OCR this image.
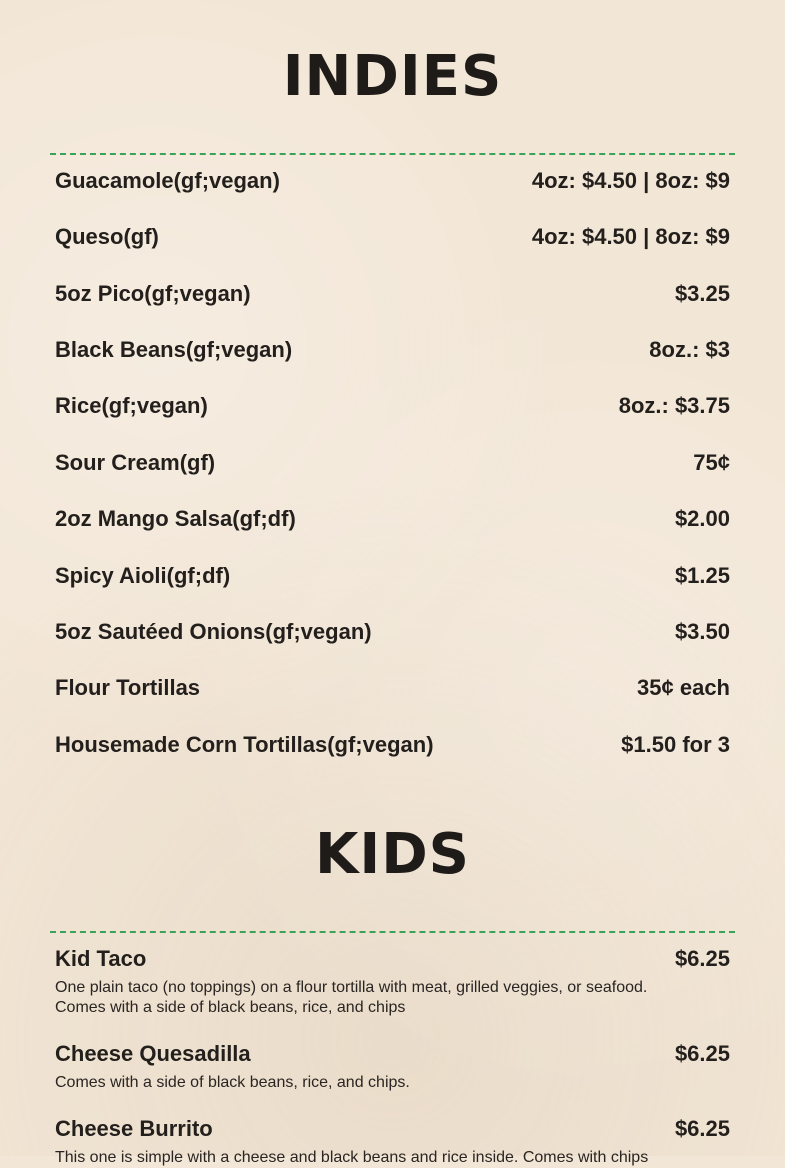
INDIES
Guacamole(gf;vegan)	4oz: $4.50 | 8oz: $9
Queso(gf)	4oz: $4.50 | 8oz: $9
5oz Pico(gf;vegan)	$3.25
Black Beans(gf;vegan)	8oz.: $3
Rice(gf;vegan)	8oz.: $3.75
Sour Cream(gf)	75¢
2oz Mango Salsa(gf;df)	$2.00
Spicy Aioli(gf;df)	$1.25
5oz Sautéed Onions(gf;vegan)	$3.50
Flour Tortillas	35¢ each
Housemade Corn Tortillas(gf;vegan)	$1.50 for 3
KIDS
Kid Taco	$6.25
One plain taco (no toppings) on a flour tortilla with meat, grilled veggies, or seafood. Comes with a side of black beans, rice, and chips
Cheese Quesadilla	$6.25
Comes with a side of black beans, rice, and chips.
Cheese Burrito	$6.25
This one is simple with a cheese and black beans and rice inside. Comes with chips
